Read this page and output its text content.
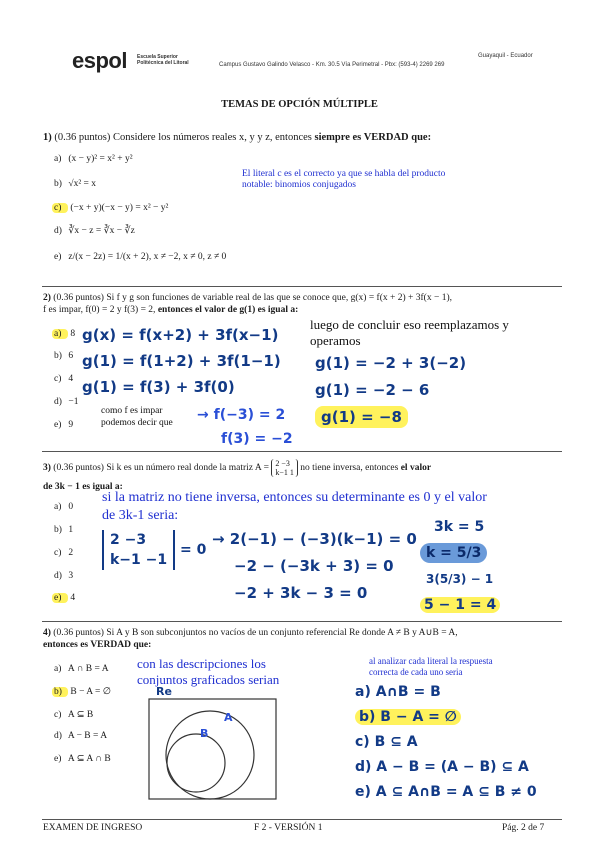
espol Escuela Superior
Politécnica del Litoral
Guayaquil - Ecuador
Campus Gustavo Galindo Velasco - Km. 30.5 Vía Perimetral - Pbx: (593-4) 2269 269
TEMAS DE OPCIÓN MÚLTIPLE
1) (0.36 puntos) Considere los números reales x, y y z, entonces siempre es VERDAD que:
a) (x − y)² = x² + y²
b) √x² = x
c) (−x + y)(−x − y) = x² − y²
d) ∛x − z = ∛x − ∛z
e) z/(x − 2z) = 1/(x + 2), x ≠ −2, x ≠ 0, z ≠ 0
El literal c es el correcto ya que se habla del producto
notable: binomios conjugados
2) (0.36 puntos) Si f y g son funciones de variable real de las que se conoce que, g(x) = f(x + 2) + 3f(x − 1),
f es impar, f(0) = 2 y f(3) = 2, entonces el valor de g(1) es igual a:
a) 8
b) 6
c) 4
d) −1
e) 9
g(x) = f(x+2) + 3f(x−1)
g(1) = f(1+2) + 3f(1−1)
g(1) = f(3) + 3f(0)
como f es impar
podemos decir que → f(−3) = 2
f(3) = −2
luego de concluir eso reemplazamos y
operamos
g(1) = −2 + 3(−2)
g(1) = −2 − 6
g(1) = −8
3) (0.36 puntos) Si k es un número real donde la matriz A = 2 −3
k−1 1 no tiene inversa, entonces el valor
de 3k − 1 es igual a:
si la matriz no tiene inversa, entonces su determinante es 0 y el valor
de 3k-1 seria:
a) 0
b) 1
c) 2
d) 3
e) 4
2 −3
k−1 −1
= 0
→ 2(−1) − (−3)(k−1) = 0
−2 − (−3k + 3) = 0
−2 + 3k − 3 = 0
3k = 5
k = 5/3
3(5/3) − 1
5 − 1 = 4
4) (0.36 puntos) Si A y B son subconjuntos no vacíos de un conjunto referencial Re donde A ≠ B y A∪B = A,
entonces es VERDAD que:
a) A ∩ B = A
b) B − A = ∅
c) A ⊆ B
d) A − B = A
e) A ⊆ A ∩ B
con las descripciones los
conjuntos graficados serian
al analizar cada literal la respuesta
correcta de cada uno seria
Re
A
B
a) A∩B = B
b) B − A = ∅
c) B ⊆ A
d) A − B = (A − B) ⊆ A
e) A ⊆ A∩B = A ⊆ B ≠ 0
EXAMEN DE INGRESO	F 2 - VERSIÓN 1	Pág. 2 de 7
